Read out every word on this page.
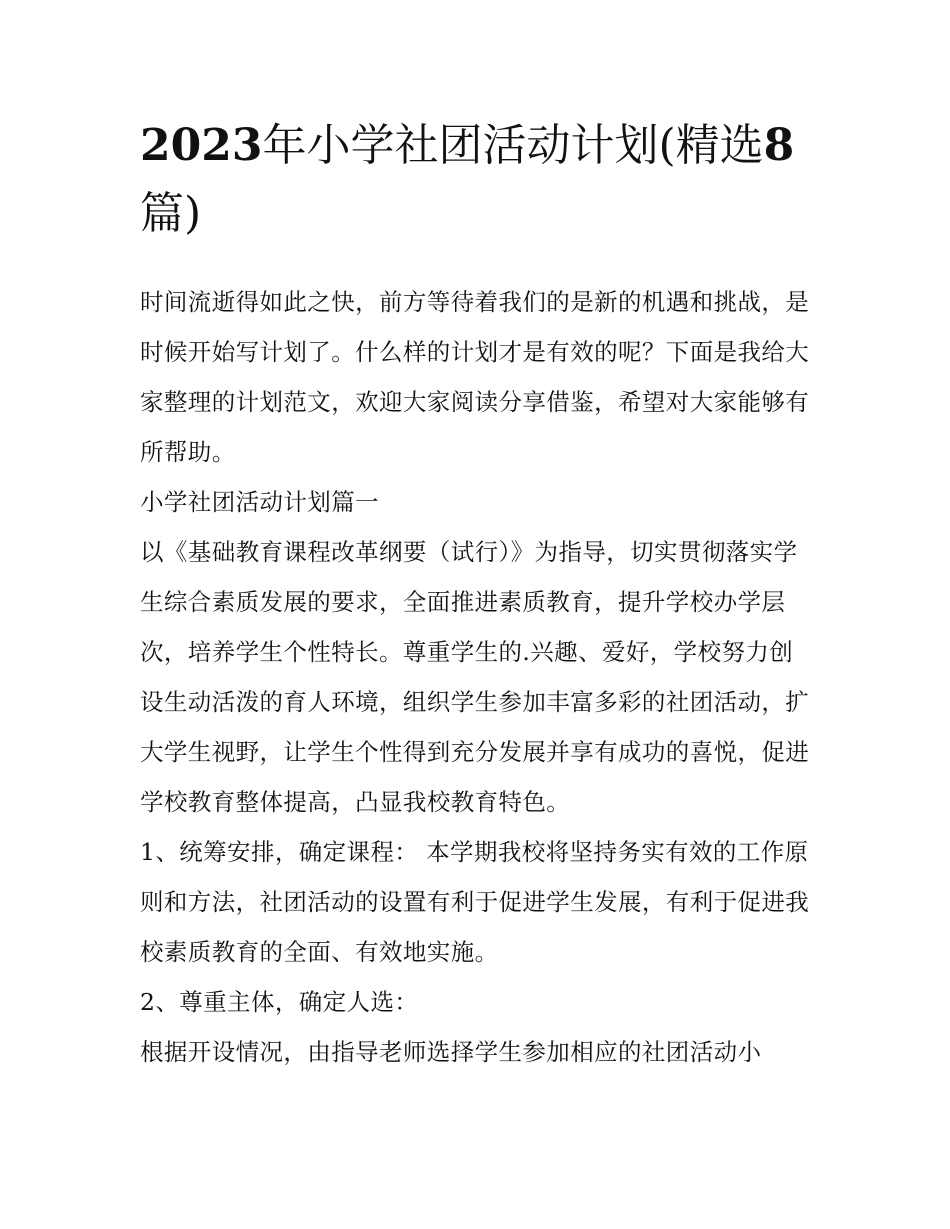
2023年小学社团活动计划(精选8篇)

时间流逝得如此之快，前方等待着我们的是新的机遇和挑战，是时候开始写计划了。什么样的计划才是有效的呢？下面是我给大家整理的计划范文，欢迎大家阅读分享借鉴，希望对大家能够有所帮助。

小学社团活动计划篇一

以《基础教育课程改革纲要（试行）》为指导，切实贯彻落实学生综合素质发展的要求，全面推进素质教育，提升学校办学层次，培养学生个性特长。尊重学生的.兴趣、爱好，学校努力创设生动活泼的育人环境，组织学生参加丰富多彩的社团活动，扩大学生视野，让学生个性得到充分发展并享有成功的喜悦，促进学校教育整体提高，凸显我校教育特色。

1、统筹安排，确定课程： 本学期我校将坚持务实有效的工作原则和方法，社团活动的设置有利于促进学生发展，有利于促进我校素质教育的全面、有效地实施。

2、尊重主体，确定人选：

根据开设情况，由指导老师选择学生参加相应的社团活动小
